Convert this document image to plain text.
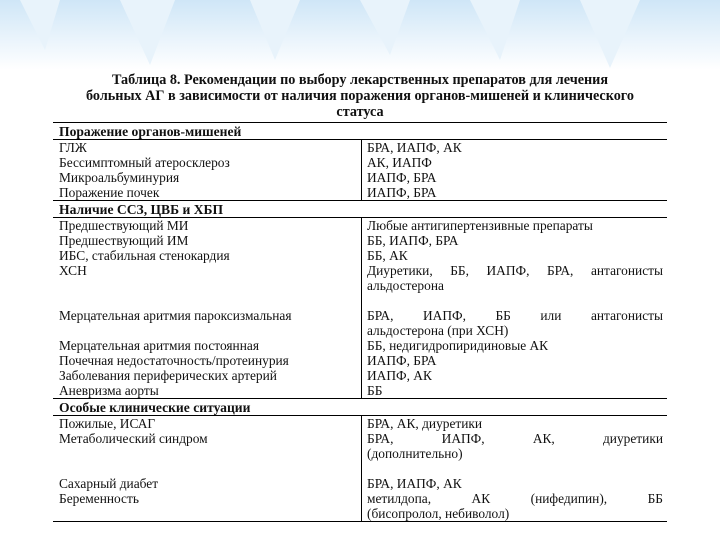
Таблица 8. Рекомендации по выбору лекарственных препаратов для лечения
больных АГ в зависимости от наличия поражения органов-мишеней и клинического
статуса
Поражение органов-мишеней
ГЛЖ	БРА, ИАПФ, АК
Бессимптомный атеросклероз	АК, ИАПФ
Микроальбуминурия	ИАПФ, БРА
Поражение почек	ИАПФ, БРА
Наличие ССЗ, ЦВБ и ХБП
Предшествующий МИ	Любые антигипертензивные препараты
Предшествующий ИМ	ББ, ИАПФ, БРА
ИБС, стабильная стенокардия	ББ, АК
ХСН	Диуретики, ББ, ИАПФ, БРА, антагонисты
альдостерона
Мерцательная аритмия пароксизмальная	БРА, ИАПФ, ББ или антагонисты
альдостерона (при ХСН)
Мерцательная аритмия постоянная	ББ, недигидропиридиновые АК
Почечная недостаточность/протеинурия	ИАПФ, БРА
Заболевания периферических артерий	ИАПФ, АК
Аневризма аорты	ББ
Особые клинические ситуации
Пожилые, ИСАГ	БРА, АК, диуретики
Метаболический синдром	БРА, ИАПФ, АК, диуретики
(дополнительно)
Сахарный диабет	БРА, ИАПФ, АК
Беременность	метилдопа, АК (нифедипин), ББ
(бисопролол, небиволол)
